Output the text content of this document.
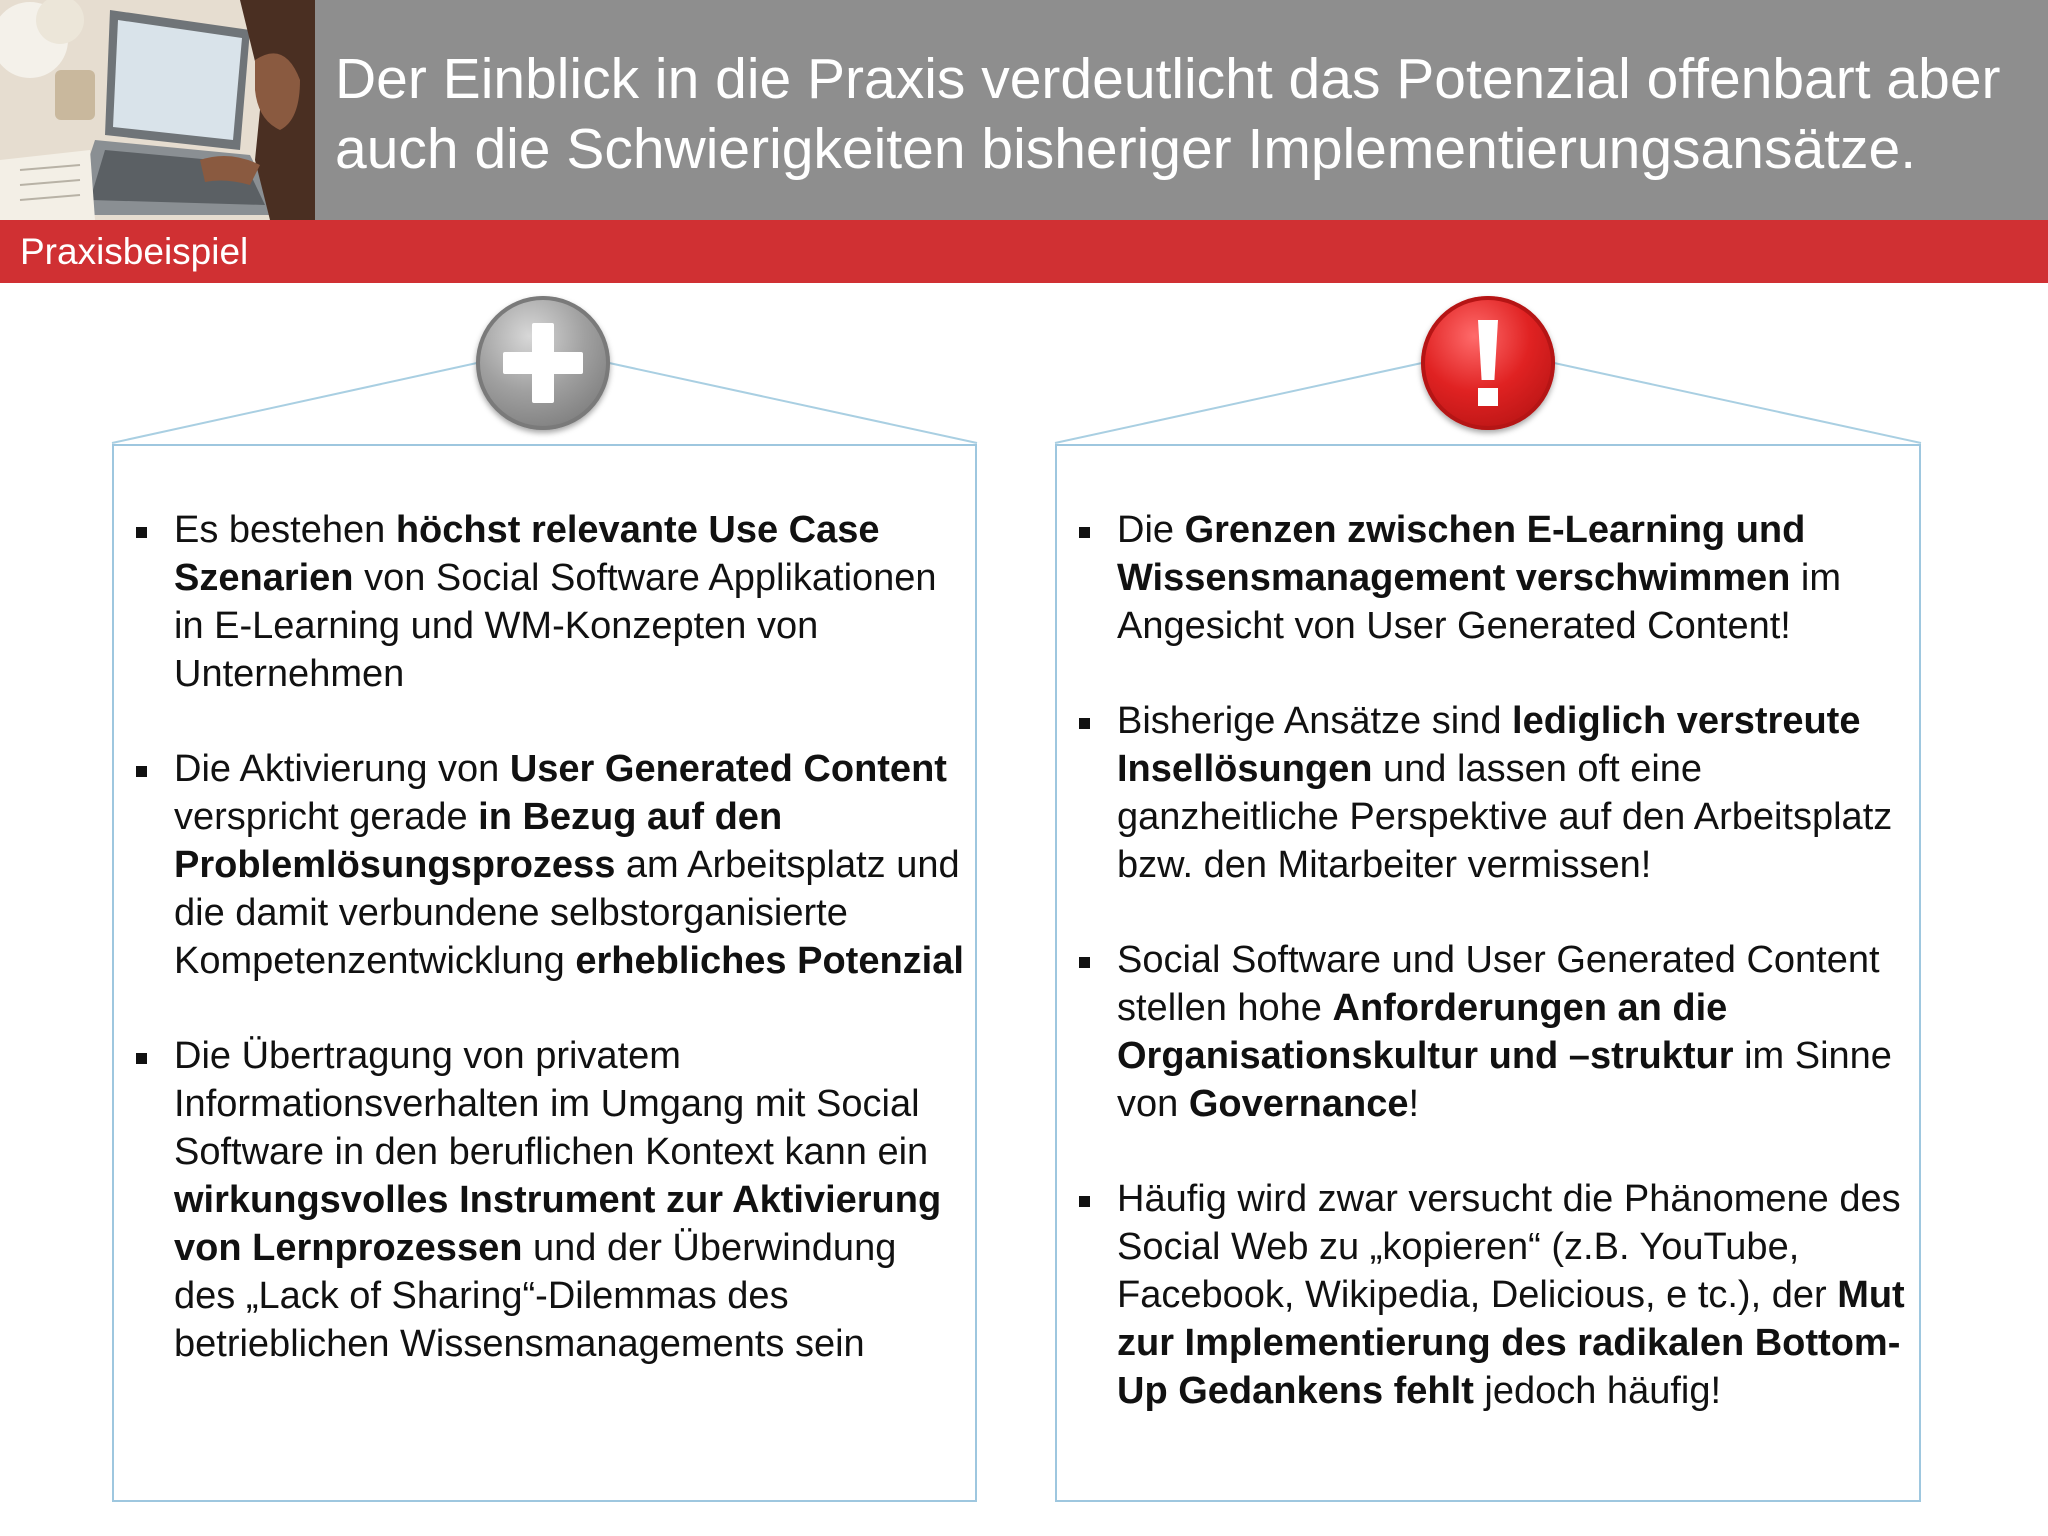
Der Einblick in die Praxis verdeutlicht das Potenzial offenbart aber auch die Schwierigkeiten bisheriger Implementierungsansätze.
Praxisbeispiel
Es bestehen höchst relevante Use Case Szenarien von Social Software Applikationen in E-Learning und WM-Konzepten von Unternehmen
Die Aktivierung von User Generated Content verspricht gerade in Bezug auf den Problemlösungsprozess am Arbeitsplatz und die damit verbundene selbstorganisierte Kompetenzentwicklung erhebliches Potenzial
Die Übertragung von privatem Informationsverhalten im Umgang mit Social Software in den beruflichen Kontext kann ein wirkungsvolles Instrument zur Aktivierung von Lernprozessen und der Überwindung des „Lack of Sharing“-Dilemmas des betrieblichen Wissensmanagements sein
Die Grenzen zwischen E-Learning und Wissensmanagement verschwimmen im Angesicht von User Generated Content!
Bisherige Ansätze sind lediglich verstreute Insellösungen und lassen oft eine ganzheitliche Perspektive auf den Arbeitsplatz bzw. den Mitarbeiter vermissen!
Social Software und User Generated Content stellen hohe Anforderungen an die Organisationskultur und –struktur im Sinne von Governance!
Häufig wird zwar versucht die Phänomene des Social Web zu „kopieren“ (z.B. YouTube, Facebook, Wikipedia, Delicious, e tc.), der Mut zur Implementierung des radikalen Bottom-Up Gedankens fehlt jedoch häufig!
